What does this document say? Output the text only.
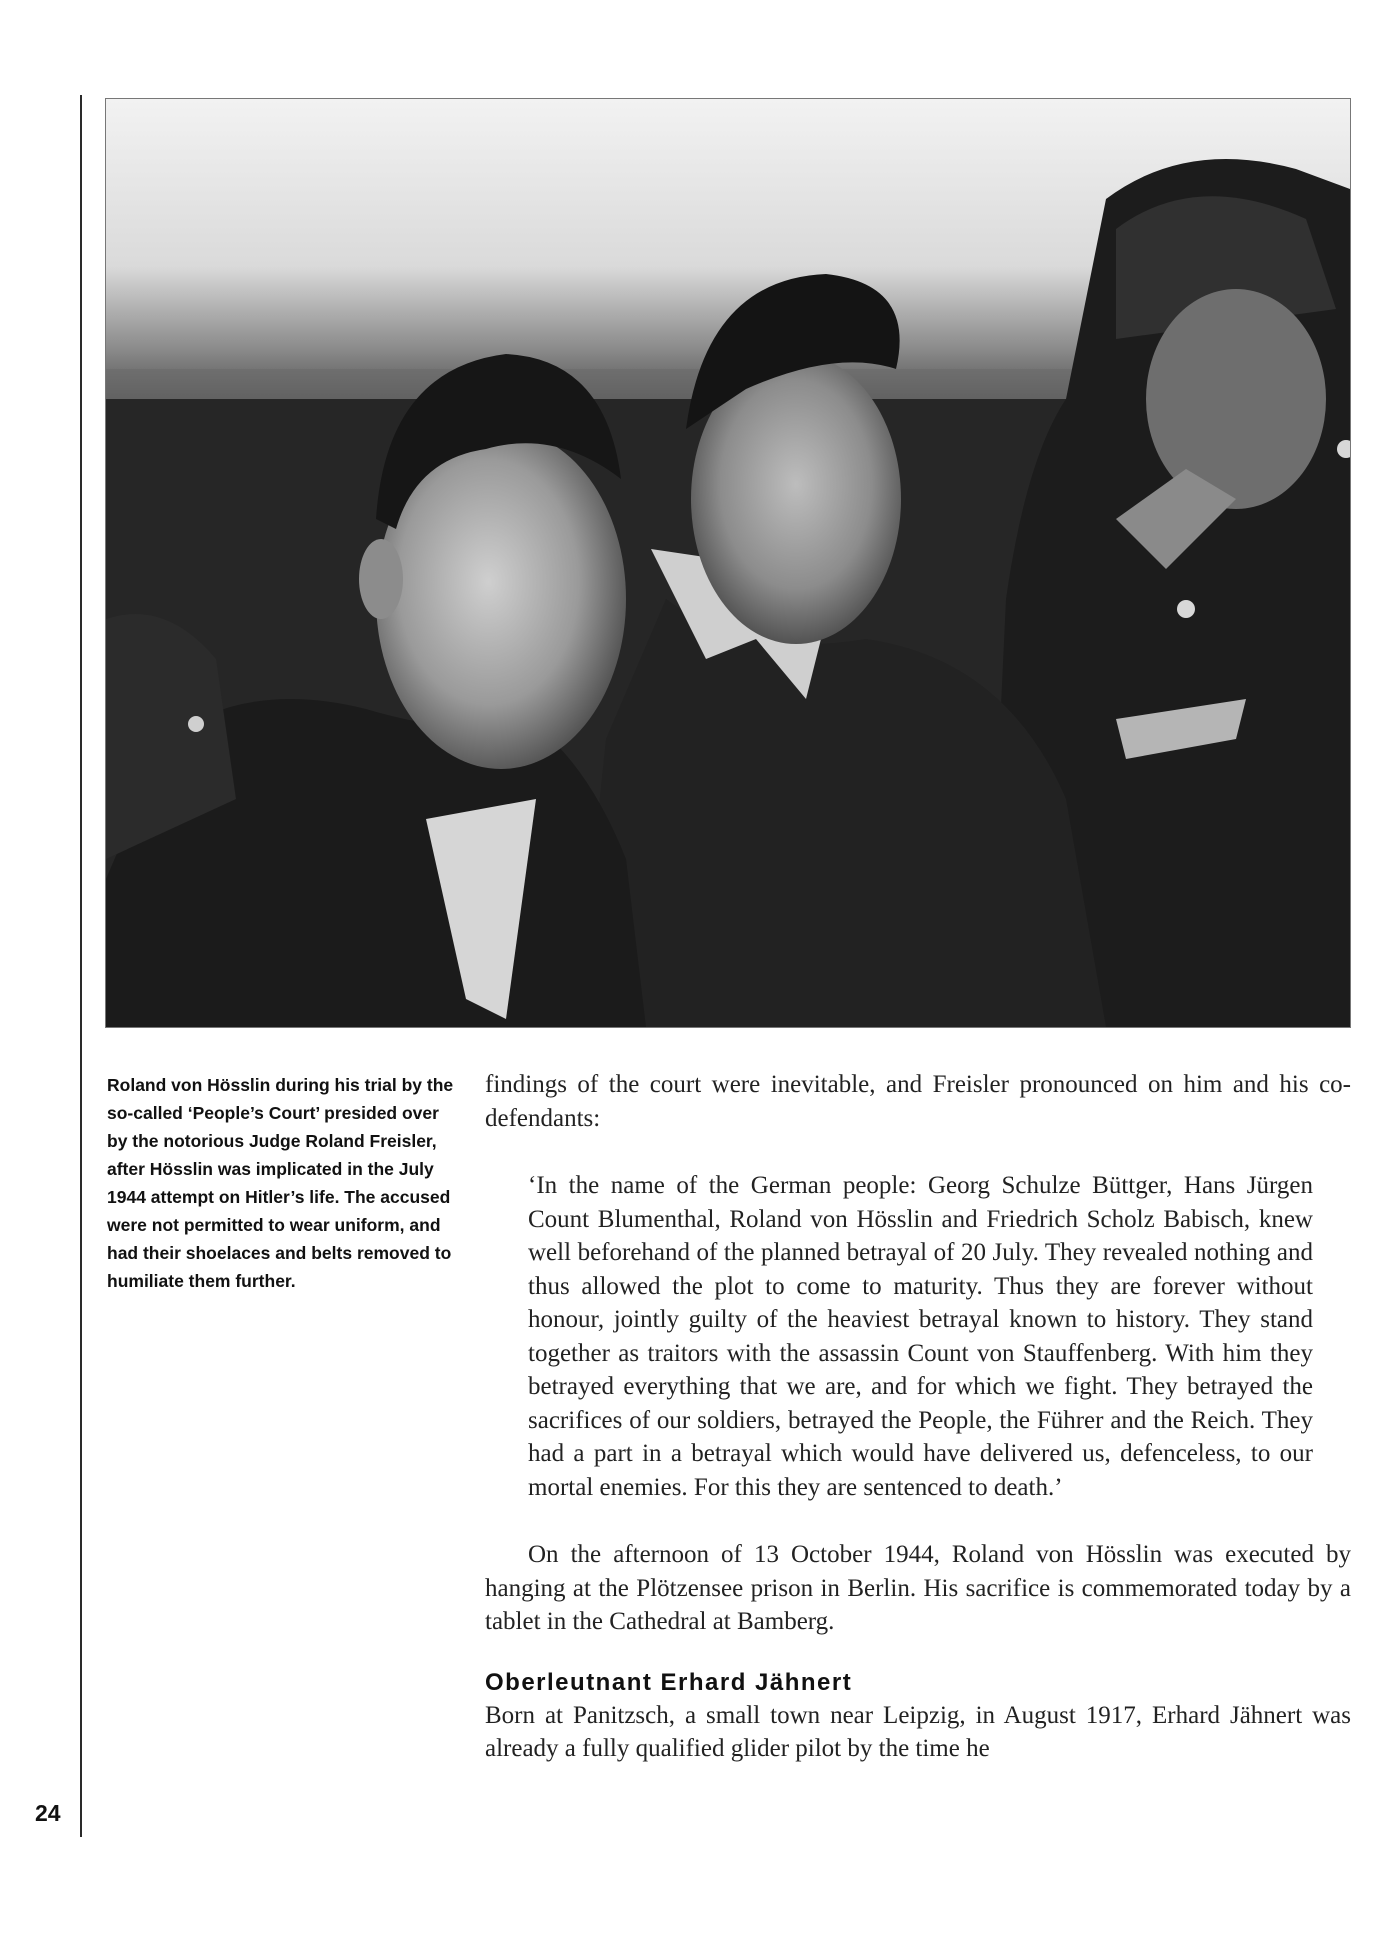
Roland von Hösslin during his trial by the so-called ‘People’s Court’ presided over by the notorious Judge Roland Freisler, after Hösslin was implicated in the July 1944 attempt on Hitler’s life. The accused were not permitted to wear uniform, and had their shoelaces and belts removed to humiliate them further.

findings of the court were inevitable, and Freisler pronounced on him and his co-defendants:

‘In the name of the German people: Georg Schulze Büttger, Hans Jürgen Count Blumenthal, Roland von Hösslin and Friedrich Scholz Babisch, knew well beforehand of the planned betrayal of 20 July. They revealed nothing and thus allowed the plot to come to maturity. Thus they are forever without honour, jointly guilty of the heaviest betrayal known to history. They stand together as traitors with the assassin Count von Stauffenberg. With him they betrayed everything that we are, and for which we fight. They betrayed the sacrifices of our soldiers, betrayed the People, the Führer and the Reich. They had a part in a betrayal which would have delivered us, defenceless, to our mortal enemies. For this they are sentenced to death.’

On the afternoon of 13 October 1944, Roland von Hösslin was executed by hanging at the Plötzensee prison in Berlin. His sacrifice is commemorated today by a tablet in the Cathedral at Bamberg.

Oberleutnant Erhard Jähnert

Born at Panitzsch, a small town near Leipzig, in August 1917, Erhard Jähnert was already a fully qualified glider pilot by the time he

24
